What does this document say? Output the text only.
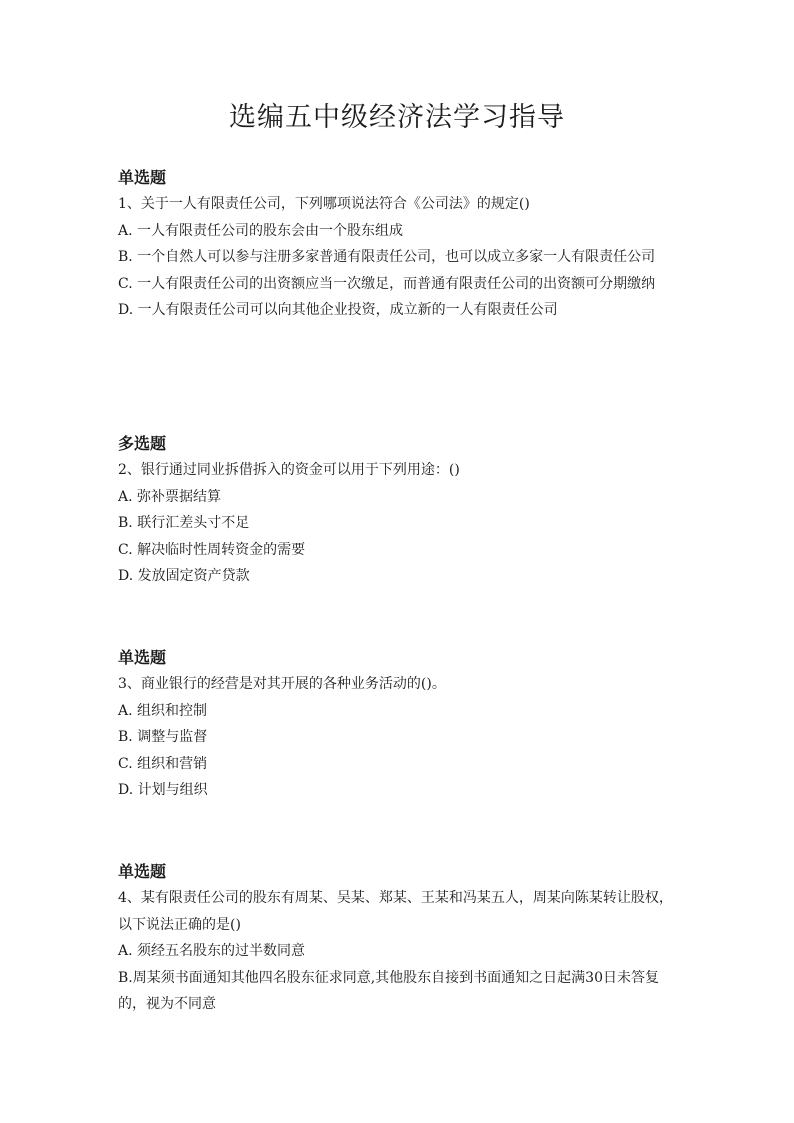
选编五中级经济法学习指导
单选题
1、关于一人有限责任公司，下列哪项说法符合《公司法》的规定()
A. 一人有限责任公司的股东会由一个股东组成
B. 一个自然人可以参与注册多家普通有限责任公司，也可以成立多家一人有限责任公司
C. 一人有限责任公司的出资额应当一次缴足，而普通有限责任公司的出资额可分期缴纳
D. 一人有限责任公司可以向其他企业投资，成立新的一人有限责任公司
多选题
2、银行通过同业拆借拆入的资金可以用于下列用途：()
A. 弥补票据结算
B. 联行汇差头寸不足
C. 解决临时性周转资金的需要
D. 发放固定资产贷款
单选题
3、商业银行的经营是对其开展的各种业务活动的()。
A. 组织和控制
B. 调整与监督
C. 组织和营销
D. 计划与组织
单选题
4、某有限责任公司的股东有周某、吴某、郑某、王某和冯某五人，周某向陈某转让股权，以下说法正确的是()
A. 须经五名股东的过半数同意
B.周某须书面通知其他四名股东征求同意,其他股东自接到书面通知之日起满30日未答复的，视为不同意
